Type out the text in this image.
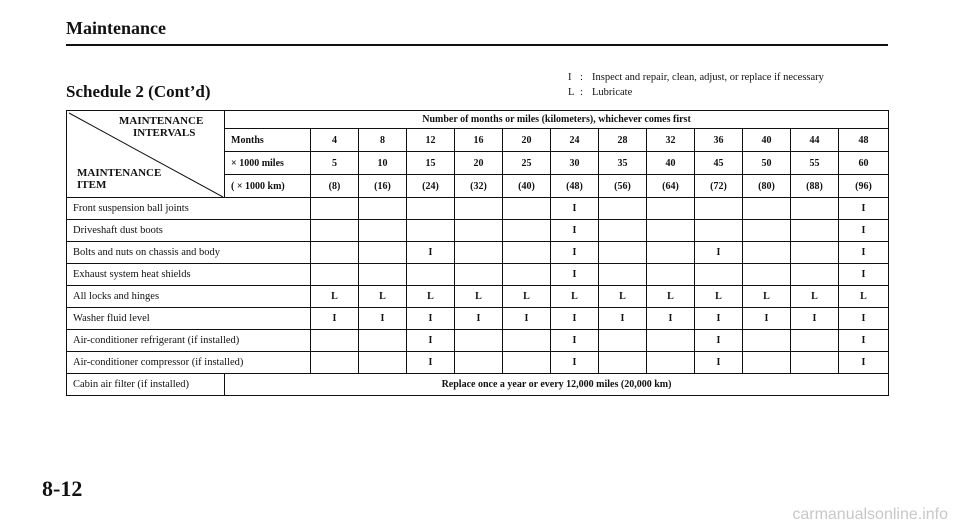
Maintenance
Schedule 2 (Cont’d)
I : Inspect and repair, clean, adjust, or replace if necessary
L : Lubricate
MAINTENANCE
INTERVALS
MAINTENANCE
ITEM	Number of months or miles (kilometers), whichever comes first												
	Months	4	8	12	16	20	24	28	32	36	40	44	48
	× 1000 miles	5	10	15	20	25	30	35	40	45	50	55	60
	( × 1000 km)	(8)	(16)	(24)	(32)	(40)	(48)	(56)	(64)	(72)	(80)	(88)	(96)
Front suspension ball joints							I						I
Driveshaft dust boots							I						I
Bolts and nuts on chassis and body				I			I			I			I
Exhaust system heat shields							I						I
All locks and hinges		L	L	L	L	L	L	L	L	L	L	L	L
Washer fluid level		I	I	I	I	I	I	I	I	I	I	I	I
Air-conditioner refrigerant (if installed)				I			I			I			I
Air-conditioner compressor (if installed)				I			I			I			I
Cabin air filter (if installed)	Replace once a year or every 12,000 miles (20,000 km)												
8-12
carmanualsonline.info
